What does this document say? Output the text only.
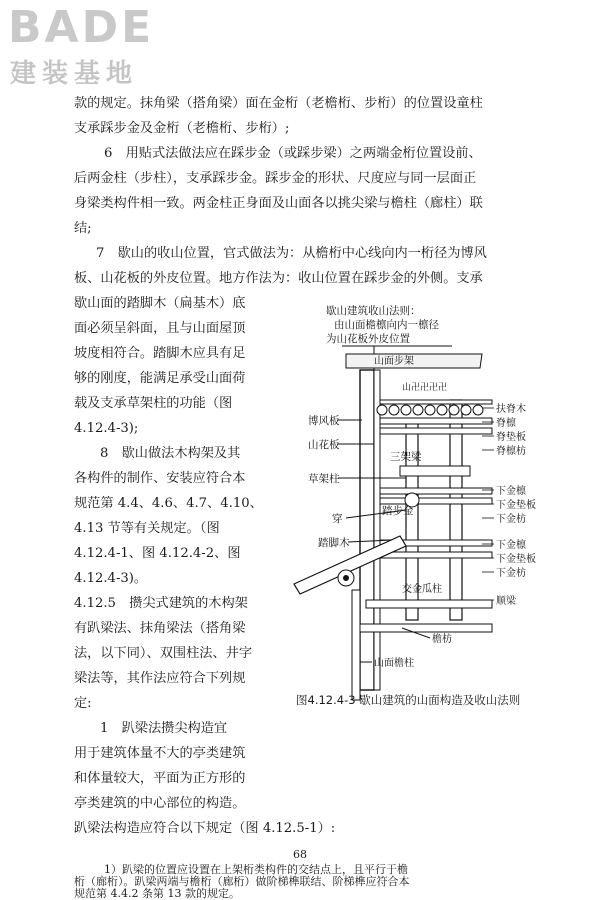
BADE
建装基地
款的规定。抹角梁（搭角梁）面在金桁（老檐桁、步桁）的位置设童柱
支承踩步金及金桁（老檐桁、步桁）;
6　用贴式法做法应在踩步金（或踩步梁）之两端金桁位置设前、
后两金柱（步柱），支承踩步金。踩步金的形状、尺度应与同一层面正
身梁类构件相一致。两金柱正身面及山面各以挑尖梁与檐柱（廊柱）联
结;
7　歇山的收山位置，官式做法为：从檐桁中心线向内一桁径为博风
板、山花板的外皮位置。地方作法为：收山位置在踩步金的外侧。支承
歇山面的踏脚木（扁基木）底
面必须呈斜面，且与山面屋顶
坡度相符合。踏脚木应具有足
够的刚度，能满足承受山面荷
载及支承草架柱的功能（图
4.12.4-3);
8　歇山做法木构架及其
各构件的制作、安装应符合本
规范第 4.4、4.6、4.7、4.10、
4.13 节等有关规定。（图
4.12.4-1、图 4.12.4-2、图
4.12.4-3)。
4.12.5　攒尖式建筑的木构架
有趴梁法、抹角梁法（搭角梁
法，以下同）、双围柱法、井字
梁法等，其作法应符合下列规
定:
1　趴梁法攒尖构造宜
用于建筑体量不大的亭类建筑
和体量较大，平面为正方形的
亭类建筑的中心部位的构造。
趴梁法构造应符合以下规定（图 4.12.5-1）:
歇山建筑收山法则：
由山面檐檩向内一檩径
为山花板外皮位置
山面步架
山卍卍卍卍
博风板
山花板
草架柱
三架梁
穿
踏步金
踏脚木
扶脊木
脊檩
脊垫板
脊檩枋
下金檩
下金垫板
下金枋
下金檩
下金垫板
下金枋
交金瓜柱
顺梁
檐枋
山面檐柱
图4.12.4-3 歇山建筑的山面构造及收山法则
68
1）趴梁的位置应设置在上架桁类构件的交结点上，且平行于檐
桁（廊桁）。趴梁两端与檐桁（廊桁）做阶梯榫联结、阶梯榫应符合本
规范第 4.4.2 条第 13 款的规定。
